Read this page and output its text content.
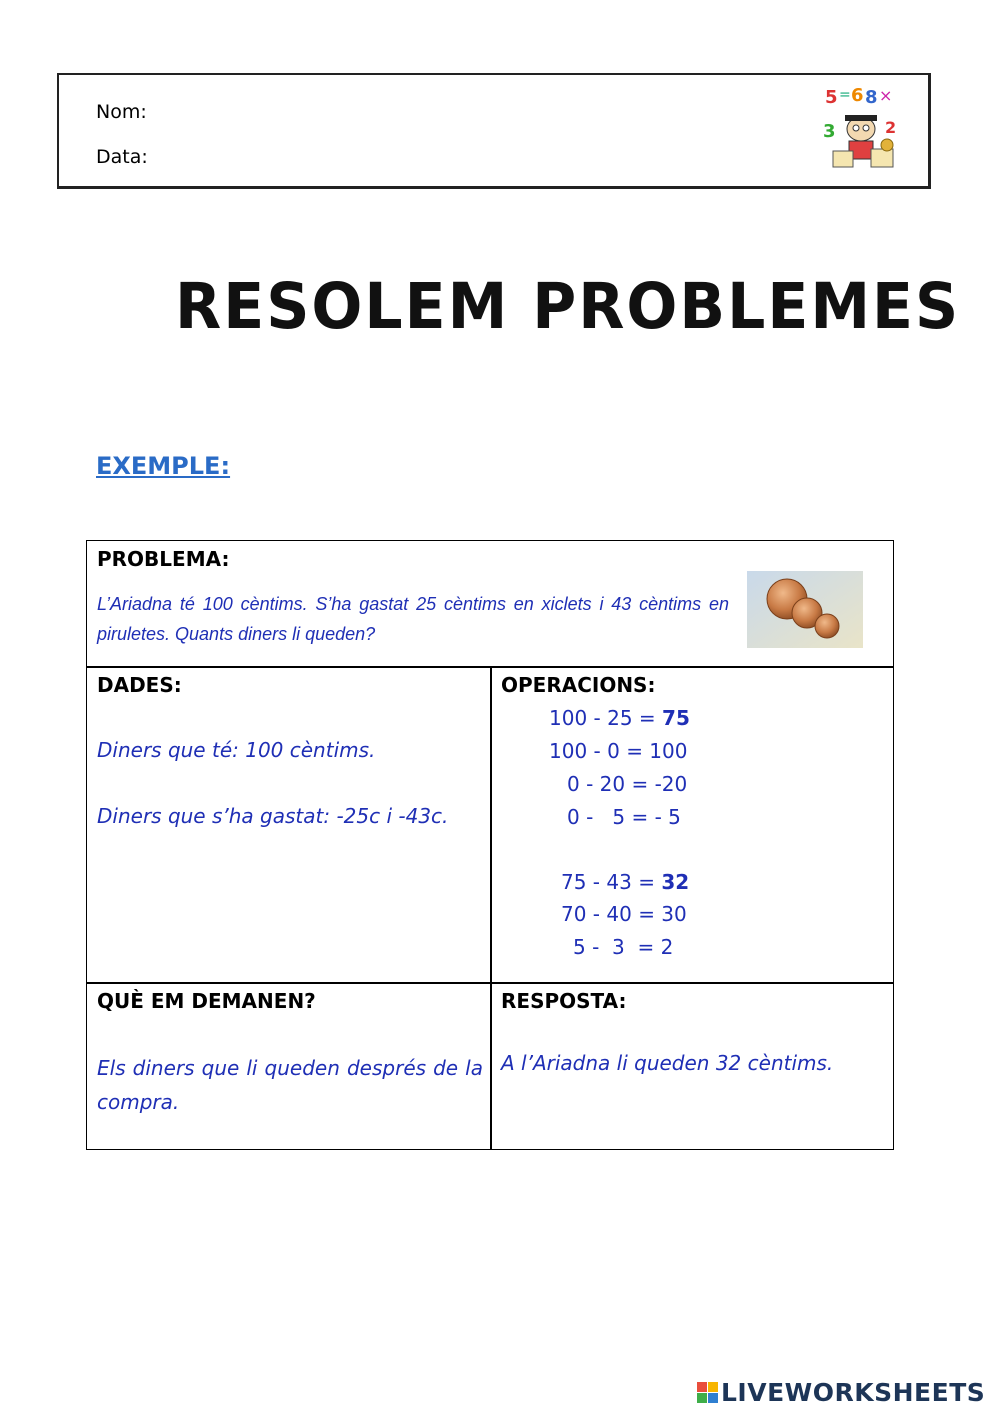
Nom:
Data:
5 = 6 8 ×
3	2
RESOLEM PROBLEMES
EXEMPLE:
PROBLEMA:
L’Ariadna té 100 cèntims. S’ha gastat 25 cèntims en xiclets i 43 cèntims en piruletes. Quants diners li queden?
DADES:
Diners que té: 100 cèntims.
Diners que s’ha gastat: -25c i -43c.
OPERACIONS:
100 - 25 = 75
100 - 0 = 100
0 - 20 = -20
0 -   5 = - 5
75 - 43 = 32
70 - 40 = 30
5 -  3  = 2
QUÈ EM DEMANEN?
Els diners que li queden després de la compra.
RESPOSTA:
A l’Ariadna li queden 32 cèntims.
LIVEWORKSHEETS
